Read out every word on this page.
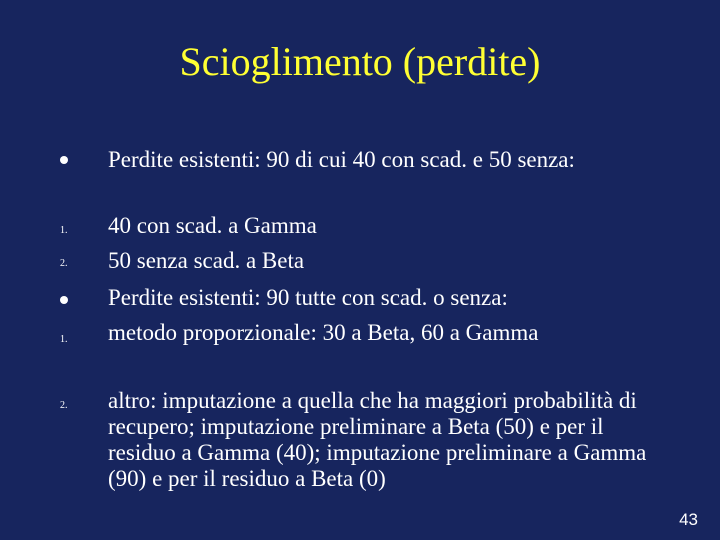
Scioglimento (perdite)
Perdite esistenti: 90 di cui 40 con scad. e 50 senza:
1. 40 con scad. a Gamma
2. 50 senza scad. a Beta
Perdite esistenti: 90 tutte con scad. o senza:
1. metodo proporzionale: 30 a Beta, 60 a Gamma
2. altro: imputazione a quella che ha maggiori probabilità di recupero; imputazione preliminare a Beta (50) e per il residuo a Gamma (40); imputazione preliminare a Gamma (90) e per il residuo a Beta (0)
43
